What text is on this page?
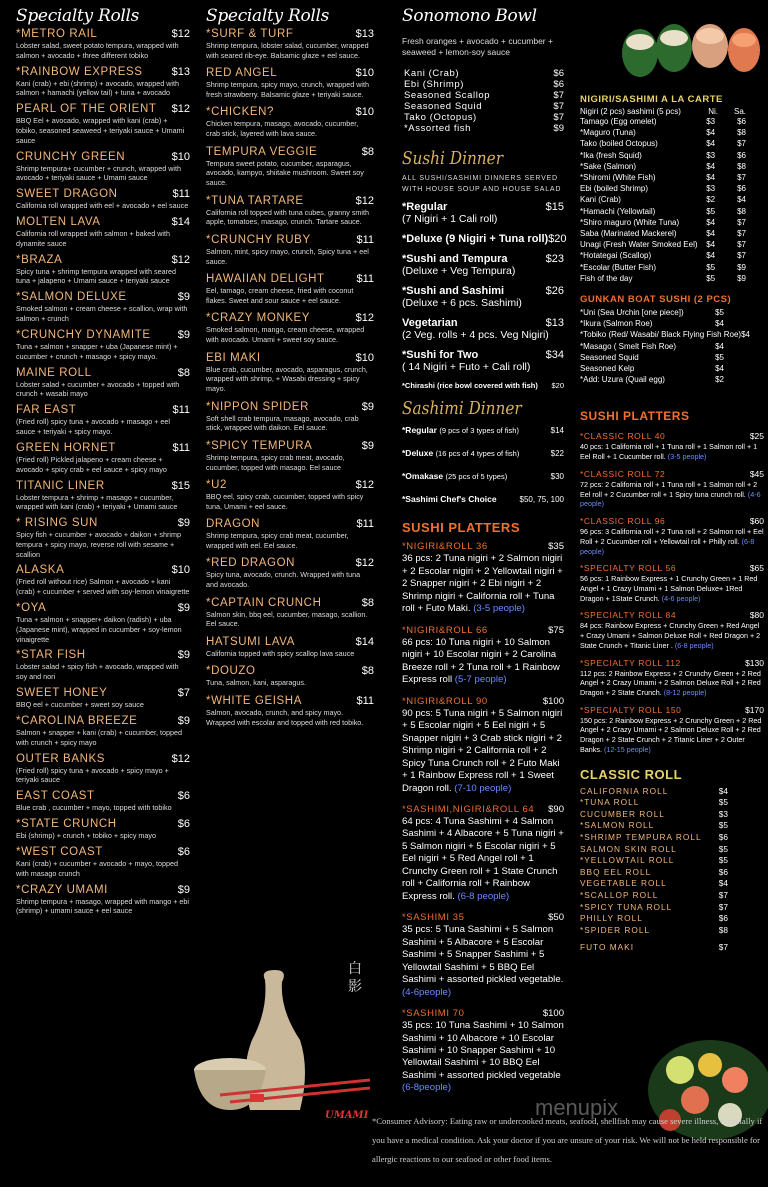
Specialty Rolls
*METRO RAIL	$12
Lobster salad, sweet potato tempura, wrapped with salmon + avocado + three different tobiko
*RAINBOW EXPRESS	$13
Kani (crab) + ebi (shrimp) + avocado, wrapped with salmon + hamachi (yellow tail) + tuna + avocado
PEARL OF THE ORIENT $12
BBQ Eel + avocado, wrapped with kani (crab) + tobiko, seasoned seaweed + teriyaki sauce + Umami sauce
CRUNCHY GREEN	$10
Shrimp tempura+ cucumber + crunch, wrapped with avocado + teriyaki sauce + Umami sauce
SWEET DRAGON	$11
California roll wrapped with eel + avocado + eel sauce
MOLTEN LAVA	$14
California roll wrapped with salmon + baked with dynamite sauce
*BRAZA	$12
Spicy tuna + shrimp tempura wrapped with seared tuna + jalapeno + Umami sauce + teriyaki sauce
*SALMON DELUXE	$9
Smoked salmon + cream cheese + scallion, wrap with salmon + crunch
*CRUNCHY DYNAMITE $9
Tuna + salmon + snapper + uba (Japanese mint) + cucumber + crunch + masago + spicy mayo.
MAINE ROLL	$8
Lobster salad + cucumber + avocado + topped with crunch + wasabi mayo
FAR EAST	$11
(Fried roll) spicy tuna + avocado + masago + eel sauce + teriyaki + spicy mayo.
GREEN HORNET	$11
(Fried roll) Pickled jalapeno + cream cheese + avocado + spicy crab + eel sauce + spicy mayo
TITANIC LINER	$15
Lobster tempura + shrimp + masago + cucumber, wrapped with kani (crab) + teriyaki + Umami sauce
* RISING SUN	$9
Spicy fish + cucumber + avocado + daikon + shrimp tempura + spicy mayo, reverse roll with sesame + scallion
ALASKA	$10
(Fried roll without rice) Salmon + avocado + kani (crab) + cucumber + served with soy-lemon vinaigrette
*OYA	$9
Tuna + salmon + snapper+ daikon (radish) + uba (Japanese mint), wrapped in cucumber + soy-lemon vinaigrette
*STAR FISH	$9
Lobster salad + spicy fish + avocado, wrapped with soy and nori
SWEET HONEY	$7
BBQ eel + cucumber + sweet soy sauce
*CAROLINA BREEZE	$9
Salmon + snapper + kani (crab) + cucumber, topped with crunch + spicy mayo
OUTER BANKS	$12
(Fried roll) spicy tuna + avocado + spicy mayo + teriyaki sauce
EAST COAST	$6
Blue crab , cucumber + mayo, topped with tobiko
*STATE CRUNCH	$6
Ebi (shrimp) + crunch + tobiko + spicy mayo
*WEST COAST	$6
Kani (crab) + cucumber + avocado + mayo, topped with masago crunch
*CRAZY UMAMI	$9
Shrimp tempura + masago, wrapped with mango + ebi (shrimp) + umami sauce + eel sauce
Specialty Rolls
*SURF & TURF	$13
Shrimp tempura, lobster salad, cucumber, wrapped with seared rib-eye. Balsamic glaze + eel sauce.
RED ANGEL	$10
Shrimp tempura, spicy mayo, crunch, wrapped with fresh strawberry. Balsamic glaze + teriyaki sauce.
*CHICKEN?	$10
Chicken tempura, masago, avocado, cucumber, crab stick, layered with lava sauce.
TEMPURA VEGGIE	$8
Tempura sweet potato, cucumber, asparagus, avocado, kampyo, shiitake mushroom. Sweet soy sauce.
*TUNA TARTARE	$12
California roll topped with tuna cubes, granny smith apple, tomatoes, masago, crunch. Tartare sauce.
*CRUNCHY RUBY	$11
Salmon, mint, spicy mayo, crunch, Spicy tuna + eel sauce.
HAWAIIAN DELIGHT	$11
Eel, tamago, cream cheese, fried with coconut flakes. Sweet and sour sauce + eel sauce.
*CRAZY MONKEY	$12
Smoked salmon, mango, cream cheese, wrapped with avocado. Umami + sweet soy sauce.
EBI MAKI	$10
Blue crab, cucumber, avocado, asparagus, crunch, wrapped with shrimp, + Wasabi dressing + spicy mayo.
*NIPPON SPIDER	$9
Soft shell crab tempura, masago, avocado, crab stick, wrapped with daikon. Eel sauce.
*SPICY TEMPURA	$9
Shrimp tempura, spicy crab meat, avocado, cucumber, topped with masago. Eel sauce
*U2	$12
BBQ eel, spicy crab, cucumber, topped with spicy tuna, Umami + eel sauce.
DRAGON	$11
Shrimp tempura, spicy crab meat, cucumber, wrapped with eel. Eel sauce.
*RED DRAGON	$12
Spicy tuna, avocado, crunch. Wrapped with tuna and avocado.
*CAPTAIN CRUNCH	$8
Salmon skin, bbq eel, cucumber, masago, scallion. Eel sauce.
HATSUMI LAVA	$14
California topped with spicy scallop lava sauce
*DOUZO	$8
Tuna, salmon, kani, asparagus.
*WHITE GEISHA	$11
Salmon, avocado, crunch, and spicy mayo. Wrapped with escolar and topped with red tobiko.
Sonomono Bowl
Fresh oranges + avocado + cucumber + seaweed + lemon-soy sauce
Kani (Crab)	$6
Ebi (Shrimp)	$6
Seasoned Scallop	$7
Seasoned Squid	$7
Tako (Octopus)	$7
*Assorted fish	$9
Sushi Dinner
ALL SUSHI/SASHIMI DINNERS SERVED WITH HOUSE SOUP AND HOUSE SALAD
*Regular	$15
(7 Nigiri + 1 Cali roll)
*Deluxe (9 Nigiri + Tuna roll) $20
*Sushi and Tempura	$23
(Deluxe + Veg Tempura)
*Sushi and Sashimi	$26
(Deluxe + 6 pcs. Sashimi)
Vegetarian	$13
(2 Veg. rolls + 4 pcs. Veg Nigiri)
*Sushi for Two	$34
( 14 Nigiri + Futo + Cali roll)
*Chirashi (rice bowl covered with fish) $20
Sashimi Dinner
*Regular (9 pcs of 3 types of fish)	$14
*Deluxe (16 pcs of 4 types of fish)	$22
*Omakase (25 pcs of 5 types)	$30
*Sashimi Chef's Choice	$50, 75, 100
SUSHI PLATTERS
*NIGIRI&ROLL 36	$35
36 pcs: 2 Tuna nigiri + 2 Salmon nigiri + 2 Escolar nigiri + 2 Yellowtail nigiri + 2 Snapper nigiri + 2 Ebi nigiri + 2 Shrimp nigiri + California roll + Tuna roll + Futo Maki. (3-5 people)
*NIGIRI&ROLL 66	$75
66 pcs: 10 Tuna nigiri + 10 Salmon nigiri + 10 Escolar nigiri + 2 Carolina Breeze roll + 2 Tuna roll + 1 Rainbow Express roll (5-7 people)
*NIGIRI&ROLL 90	$100
90 pcs: 5 Tuna nigiri + 5 Salmon nigiri + 5 Escolar nigiri + 5 Eel nigiri + 5 Snapper nigiri + 3 Crab stick nigiri + 2 Shrimp nigiri + 2 California roll + 2 Spicy Tuna Crunch roll + 2 Futo Maki + 1 Rainbow Express roll + 1 Sweet Dragon roll. (7-10 people)
*SASHIMI,NIGIRI&ROLL 64 $90
64 pcs: 4 Tuna Sashimi + 4 Salmon Sashimi + 4 Albacore + 5 Tuna nigiri + 5 Salmon nigiri + 5 Escolar nigiri + 5 Eel nigiri + 5 Red Angel roll + 1 Crunchy Green roll + 1 State Crunch roll + California roll + Rainbow Express roll. (6-8 people)
*SASHIMI 35	$50
35 pcs: 5 Tuna Sashimi + 5 Salmon Sashimi + 5 Albacore + 5 Escolar Sashimi + 5 Snapper Sashimi + 5 Yellowtail Sashimi + 5 BBQ Eel Sashimi + assorted pickled vegetable. (4-6people)
*SASHIMI 70	$100
35 pcs: 10 Tuna Sashimi + 10 Salmon Sashimi + 10 Albacore + 10 Escolar Sashimi + 10 Snapper Sashimi + 10 Yellowtail Sashimi + 10 BBQ Eel Sashimi + assorted pickled vegetable (6-8people)
NIGIRI/SASHIMI A LA CARTE
Nigiri (2 pcs) sashimi (5 pcs)	Ni. Sa.
Tamago (Egg omelet)	$3	$6
*Maguro (Tuna)	$4	$8
Tako (boiled Octopus)	$4	$7
*Ika (fresh Squid)	$3	$6
*Sake (Salmon)	$4	$8
*Shiromi (White Fish)	$4	$7
Ebi (boiled Shrimp)	$3	$6
Kani (Crab)	$2	$4
*Hamachi (Yellowtail)	$5	$8
*Shiro maguro (White Tuna)	$4	$7
Saba (Marinated Mackerel)	$4	$7
Unagi (Fresh Water Smoked Eel) $4	$7
*Hotategai (Scallop)	$4	$7
*Escolar (Butter Fish)	$5	$9
Fish of the day	$5	$9
GUNKAN BOAT SUSHI (2 PCS)
*Uni (Sea Urchin [one piece])	$5
*Ikura (Salmon Roe)	$4
*Tobiko (Red/ Wasabi/ Black Flying Fish Roe) $4
*Masago ( Smelt Fish Roe)	$4
Seasoned Squid	$5
Seasoned Kelp	$4
*Add: Uzura (Quail egg)	$2
SUSHI PLATTERS
*CLASSIC ROLL 40	$25
40 pcs: 1 California roll + 1 Tuna roll + 1 Salmon roll + 1 Eel Roll + 1 Cucumber roll. (3-5 people)
*CLASSIC ROLL 72	$45
72 pcs: 2 California roll + 1 Tuna roll + 1 Salmon roll + 2 Eel roll + 2 Cucumber roll + 1 Spicy tuna crunch roll. (4-6 people)
*CLASSIC ROLL 96	$60
96 pcs: 3 California roll + 2 Tuna roll + 2 Salmon roll + Eel Roll + 2 Cucumber roll + Yellowtail roll + Philly roll. (6-8 people)
*SPECIALTY ROLL 56	$65
56 pcs: 1 Rainbow Express + 1 Crunchy Green + 1 Red Angel + 1 Crazy Umami + 1 Salmon Deluxe+ 1Red Dragon + 1State Crunch. (4-6 people)
*SPECIALTY ROLL 84	$80
84 pcs: Rainbow Express + Crunchy Green + Red Angel + Crazy Umami + Salmon Deluxe Roll + Red Dragon + 2 State Crunch + Titanic Liner . (6-8 people)
*SPECIALTY ROLL 112	$130
112 pcs: 2 Rainbow Express + 2 Crunchy Green + 2 Red Angel + 2 Crazy Umami + 2 Salmon Deluxe Roll + 2 Red Dragon + 2 State Crunch. (8-12 people)
*SPECIALTY ROLL 150	$170
150 pcs: 2 Rainbow Express + 2 Crunchy Green + 2 Red Angel + 2 Crazy Umami + 2 Salmon Deluxe Roll + 2 Red Dragon + 2 State Crunch + 2 Titanic Liner + 2 Outer Banks. (12-15 people)
CLASSIC ROLL
CALIFORNIA ROLL	$4
*TUNA ROLL	$5
CUCUMBER ROLL	$3
*SALMON ROLL	$5
*SHRIMP TEMPURA ROLL $6
SALMON SKIN ROLL	$5
*YELLOWTAIL ROLL	$5
BBQ EEL ROLL	$6
VEGETABLE ROLL	$4
*SCALLOP ROLL	$7
*SPICY TUNA ROLL	$7
PHILLY ROLL	$6
*SPIDER ROLL	$8
FUTO MAKI	$7
白影
UMAMI	menupix
*Consumer Advisory: Eating raw or undercooked meats, seafood, shellfish may cause severe illness, especially if you have a medical condition. Ask your doctor if you are unsure of your risk. We will not be held responsible for allergic reactions to our seafood or other food items.
